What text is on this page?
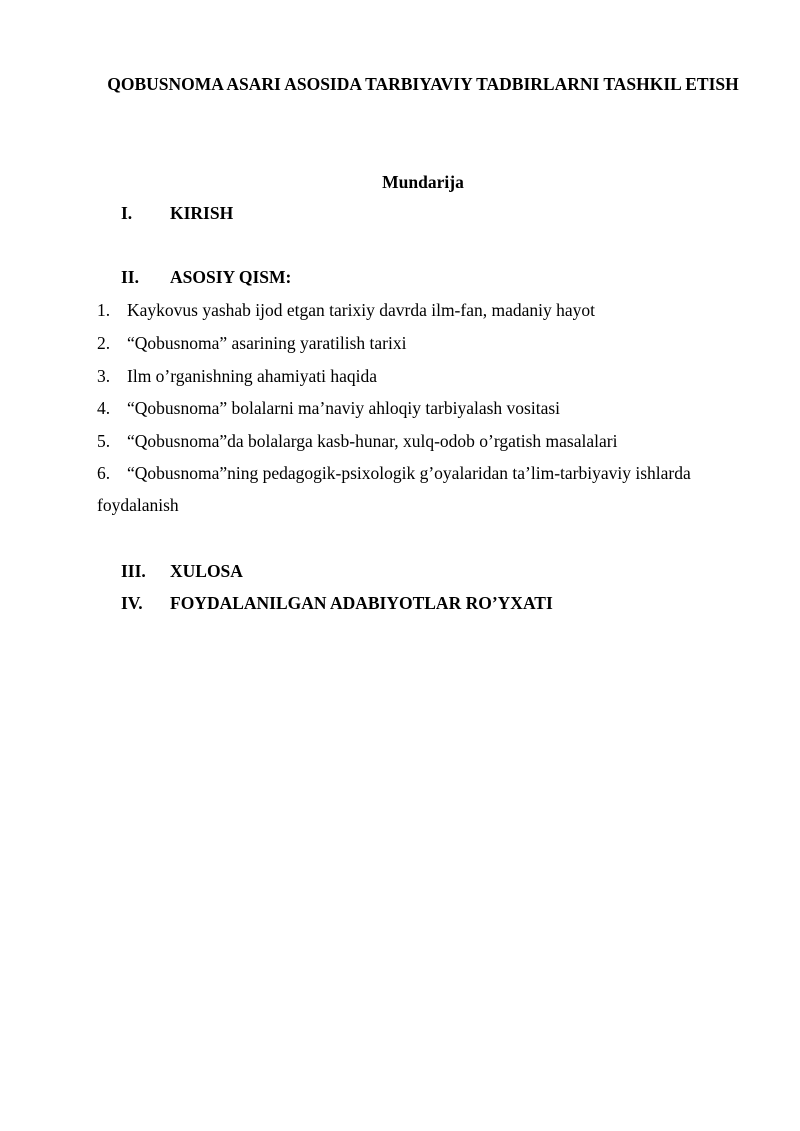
QOBUSNOMA ASARI ASOSIDA TARBIYAVIY TADBIRLARNI TASHKIL ETISH
Mundarija
I. KIRISH
II. ASOSIY QISM:
1. Kaykovus yashab ijod etgan tarixiy davrda ilm-fan, madaniy hayot
2. “Qobusnoma” asarining yaratilish tarixi
3. Ilm o’rganishning ahamiyati haqida
4. “Qobusnoma” bolalarni ma’naviy ahloqiy tarbiyalash vositasi
5. “Qobusnoma”da bolalarga kasb-hunar, xulq-odob o’rgatish masalalari
6. “Qobusnoma”ning pedagogik-psixologik g’oyalaridan ta’lim-tarbiyaviy ishlarda foydalanish
III. XULOSA
IV. FOYDALANILGAN ADABIYOTLAR RO’YXATI
